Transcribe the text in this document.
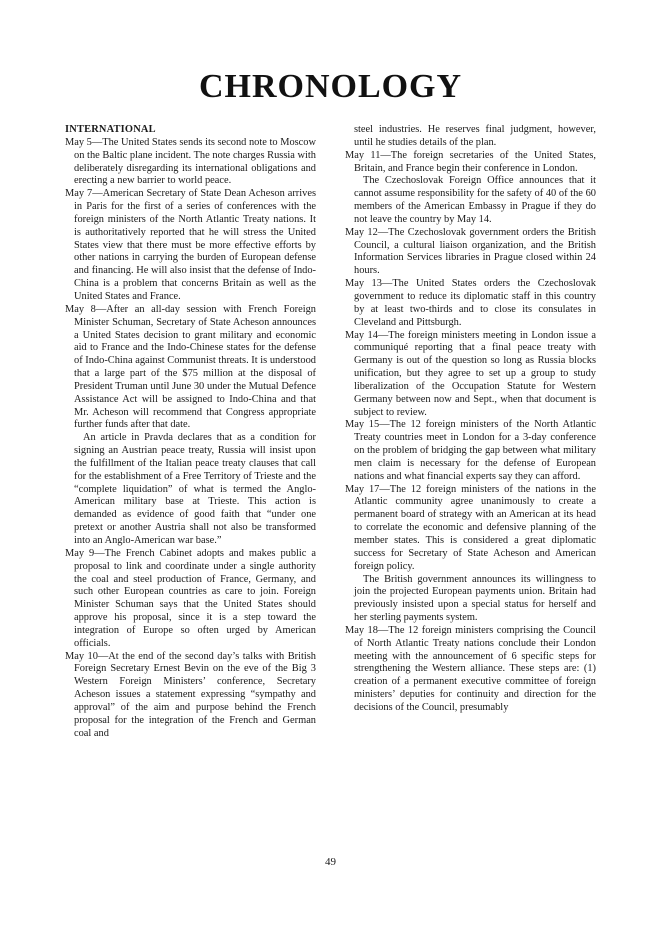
CHRONOLOGY

INTERNATIONAL

May 5—The United States sends its second note to Moscow on the Baltic plane incident. The note charges Russia with deliberately disregarding its international obligations and erecting a new barrier to world peace.

May 7—American Secretary of State Dean Acheson arrives in Paris for the first of a series of conferences with the foreign ministers of the North Atlantic Treaty nations. It is authoritatively reported that he will stress the United States view that there must be more effective efforts by other nations in carrying the burden of European defense and financing. He will also insist that the defense of Indo-China is a problem that concerns Britain as well as the United States and France.

May 8—After an all-day session with French Foreign Minister Schuman, Secretary of State Acheson announces a United States decision to grant military and economic aid to France and the Indo-Chinese states for the defense of Indo-China against Communist threats. It is understood that a large part of the $75 million at the disposal of President Truman until June 30 under the Mutual Defence Assistance Act will be assigned to Indo-China and that Mr. Acheson will recommend that Congress appropriate further funds after that date.

An article in Pravda declares that as a condition for signing an Austrian peace treaty, Russia will insist upon the fulfillment of the Italian peace treaty clauses that call for the establishment of a Free Territory of Trieste and the “complete liquidation” of what is termed the Anglo-American military base at Trieste. This action is demanded as evidence of good faith that “under one pretext or another Austria shall not also be transformed into an Anglo-American war base.”

May 9—The French Cabinet adopts and makes public a proposal to link and coordinate under a single authority the coal and steel production of France, Germany, and such other European countries as care to join. Foreign Minister Schuman says that the United States should approve his proposal, since it is a step toward the integration of Europe so often urged by American officials.

May 10—At the end of the second day’s talks with British Foreign Secretary Ernest Bevin on the eve of the Big 3 Western Foreign Ministers’ conference, Secretary Acheson issues a statement expressing “sympathy and approval” of the aim and purpose behind the French proposal for the integration of the French and German coal and

steel industries. He reserves final judgment, however, until he studies details of the plan.

May 11—The foreign secretaries of the United States, Britain, and France begin their conference in London.

The Czechoslovak Foreign Office announces that it cannot assume responsibility for the safety of 40 of the 60 members of the American Embassy in Prague if they do not leave the country by May 14.

May 12—The Czechoslovak government orders the British Council, a cultural liaison organization, and the British Information Services libraries in Prague closed within 24 hours.

May 13—The United States orders the Czechoslovak government to reduce its diplomatic staff in this country by at least two-thirds and to close its consulates in Cleveland and Pittsburgh.

May 14—The foreign ministers meeting in London issue a communiqué reporting that a final peace treaty with Germany is out of the question so long as Russia blocks unification, but they agree to set up a group to study liberalization of the Occupation Statute for Western Germany between now and Sept., when that document is subject to review.

May 15—The 12 foreign ministers of the North Atlantic Treaty countries meet in London for a 3-day conference on the problem of bridging the gap between what military men claim is necessary for the defense of European nations and what financial experts say they can afford.

May 17—The 12 foreign ministers of the nations in the Atlantic community agree unanimously to create a permanent board of strategy with an American at its head to correlate the economic and defensive planning of the member states. This is considered a great diplomatic success for Secretary of State Acheson and American foreign policy.

The British government announces its willingness to join the projected European payments union. Britain had previously insisted upon a special status for herself and her sterling payments system.

May 18—The 12 foreign ministers comprising the Council of North Atlantic Treaty nations conclude their London meeting with the announcement of 6 specific steps for strengthening the Western alliance. These steps are: (1) creation of a permanent executive committee of foreign ministers’ deputies for continuity and direction for the decisions of the Council, presumably

49
